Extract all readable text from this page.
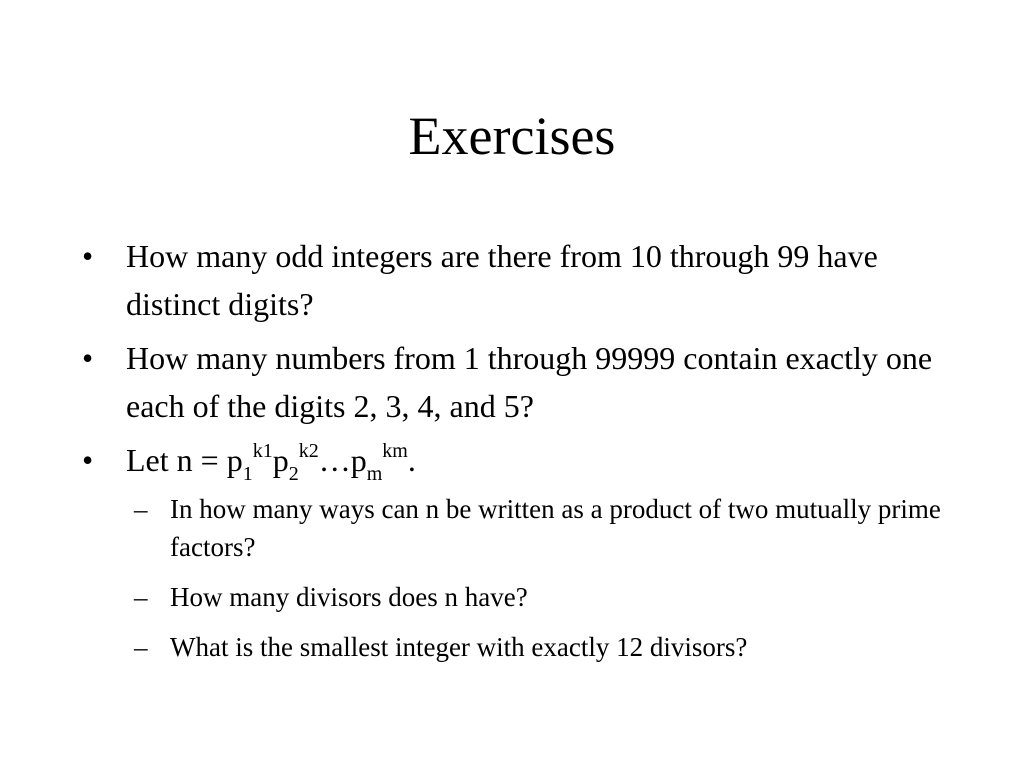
Exercises
•	How many odd integers are there from 10 through 99 have distinct digits?
•	How many numbers from 1 through 99999 contain exactly one each of the digits 2, 3, 4, and 5?
•	Let $n = p_1^{k1}p_2^{k2}\dots p_m^{km}$.
– In how many ways can n be written as a product of two mutually prime factors?
– How many divisors does n have?
– What is the smallest integer with exactly 12 divisors?
